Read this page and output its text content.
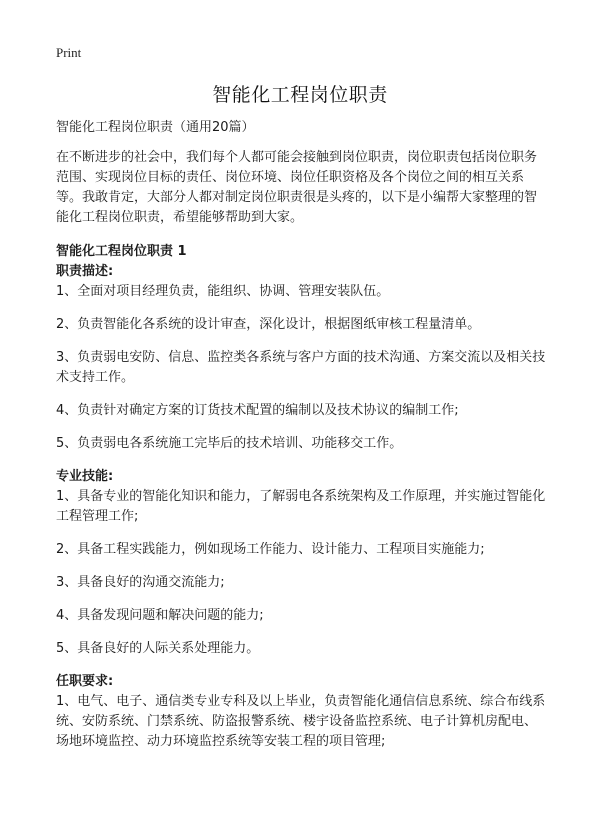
Print
智能化工程岗位职责

智能化工程岗位职责（通用20篇）

在不断进步的社会中，我们每个人都可能会接触到岗位职责，岗位职责包括岗位职务范围、实现岗位目标的责任、岗位环境、岗位任职资格及各个岗位之间的相互关系等。我敢肯定，大部分人都对制定岗位职责很是头疼的，以下是小编帮大家整理的智能化工程岗位职责，希望能够帮助到大家。

智能化工程岗位职责 1

职责描述:

1、全面对项目经理负责，能组织、协调、管理安装队伍。

2、负责智能化各系统的设计审查，深化设计，根据图纸审核工程量清单。

3、负责弱电安防、信息、监控类各系统与客户方面的技术沟通、方案交流以及相关技术支持工作。

4、负责针对确定方案的订货技术配置的编制以及技术协议的编制工作;

5、负责弱电各系统施工完毕后的技术培训、功能移交工作。

专业技能:

1、具备专业的智能化知识和能力，了解弱电各系统架构及工作原理，并实施过智能化工程管理工作;

2、具备工程实践能力，例如现场工作能力、设计能力、工程项目实施能力;

3、具备良好的沟通交流能力;

4、具备发现问题和解决问题的能力;

5、具备良好的人际关系处理能力。

任职要求:

1、电气、电子、通信类专业专科及以上毕业，负责智能化通信信息系统、综合布线系统、安防系统、门禁系统、防盗报警系统、楼宇设备监控系统、电子计算机房配电、场地环境监控、动力环境监控系统等安装工程的项目管理;
